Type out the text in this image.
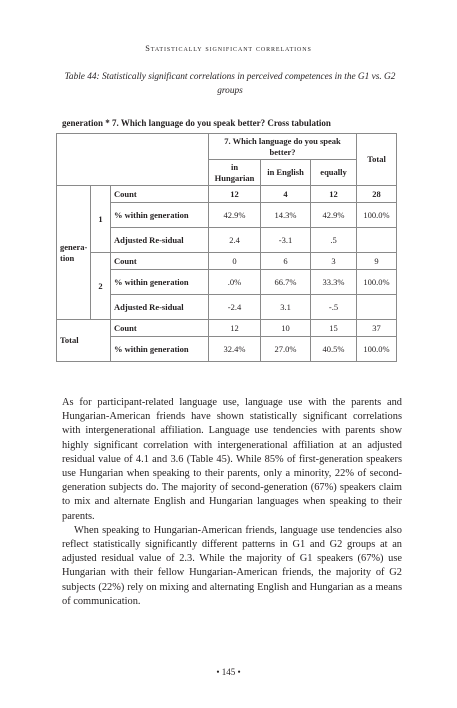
Statistically significant correlations
Table 44: Statistically significant correlations in perceived competences in the G1 vs. G2 groups
generation * 7. Which language do you speak better? Cross tabulation
			7. Which language do you speak better?			Total
			in Hungarian	in English	equally	
genera-tion	1	Count	12	4	12	28
		% within generation	42.9%	14.3%	42.9%	100.0%
		Adjusted Re-sidual	2.4	-3.1	.5	
	2	Count	0	6	3	9
		% within generation	.0%	66.7%	33.3%	100.0%
		Adjusted Re-sidual	-2.4	3.1	-.5	
Total		Count	12	10	15	37
		% within generation	32.4%	27.0%	40.5%	100.0%

As for participant-related language use, language use with the parents and Hungarian-American friends have shown statistically significant correlations with intergenerational affiliation. Language use tendencies with parents show highly significant correlation with intergenerational affiliation at an adjusted residual value of 4.1 and 3.6 (Table 45). While 85% of first-generation speakers use Hungarian when speaking to their parents, only a minority, 22% of second-generation subjects do. The majority of second-generation (67%) speakers claim to mix and alternate English and Hungarian languages when speaking to their parents.

When speaking to Hungarian-American friends, language use tendencies also reflect statistically significantly different patterns in G1 and G2 groups at an adjusted residual value of 2.3. While the majority of G1 speakers (67%) use Hungarian with their fellow Hungarian-American friends, the majority of G2 subjects (22%) rely on mixing and alternating English and Hungarian as a means of communication.

• 145 •
